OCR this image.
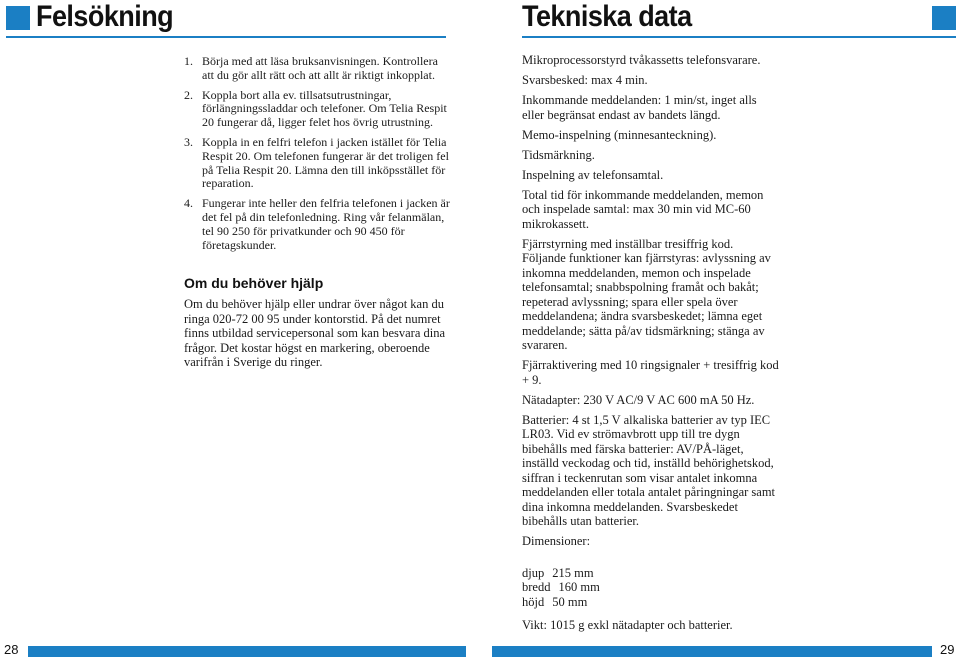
Felsökning	Tekniska data
1. Börja med att läsa bruksanvisningen. Kontrollera att du gör allt rätt och att allt är riktigt inkopplat.
2. Koppla bort alla ev. tillsatsutrustningar, förlängningssladdar och telefoner. Om Telia Respit 20 fungerar då, ligger felet hos övrig utrustning.
3. Koppla in en felfri telefon i jacken istället för Telia Respit 20. Om telefonen fungerar är det troligen fel på Telia Respit 20. Lämna den till inköpsstället för reparation.
4. Fungerar inte heller den felfria telefonen i jacken är det fel på din telefonledning. Ring vår felanmälan, tel 90 250 för privatkunder och 90 450 för företagskunder.
Om du behöver hjälp

Om du behöver hjälp eller undrar över något kan du ringa 020-72 00 95 under kontorstid. På det numret finns utbildad servicepersonal som kan besvara dina frågor. Det kostar högst en markering, oberoende varifrån i Sverige du ringer.

Mikroprocessorstyrd tvåkassetts telefonsvarare.

Svarsbesked: max 4 min.

Inkommande meddelanden: 1 min/st, inget alls eller begränsat endast av bandets längd.

Memo-inspelning (minnesanteckning).

Tidsmärkning.

Inspelning av telefonsamtal.

Total tid för inkommande meddelanden, memon och inspelade samtal: max 30 min vid MC-60 mikrokassett.

Fjärrstyrning med inställbar tresiffrig kod. Följande funktioner kan fjärrstyras: avlyssning av inkomna meddelanden, memon och inspelade telefonsamtal; snabbspolning framåt och bakåt; repeterad avlyssning; spara eller spela över meddelandena; ändra svarsbeskedet; lämna eget meddelande; sätta på/av tidsmärkning; stänga av svararen.

Fjärraktivering med 10 ringsignaler + tresiffrig kod + 9.

Nätadapter: 230 V AC/9 V AC 600 mA 50 Hz.

Batterier: 4 st 1,5 V alkaliska batterier av typ IEC LR03. Vid ev strömavbrott upp till tre dygn bibehålls med färska batterier: AV/PÅ-läget, inställd veckodag och tid, inställd behörighetskod, siffran i teckenrutan som visar antalet inkomna meddelanden eller totala antalet påringningar samt dina inkomna meddelanden. Svarsbeskedet bibehålls utan batterier.

Dimensioner:

djup 215 mm
bredd 160 mm
höjd 50 mm

Vikt: 1015 g exkl nätadapter och batterier.

28	29
